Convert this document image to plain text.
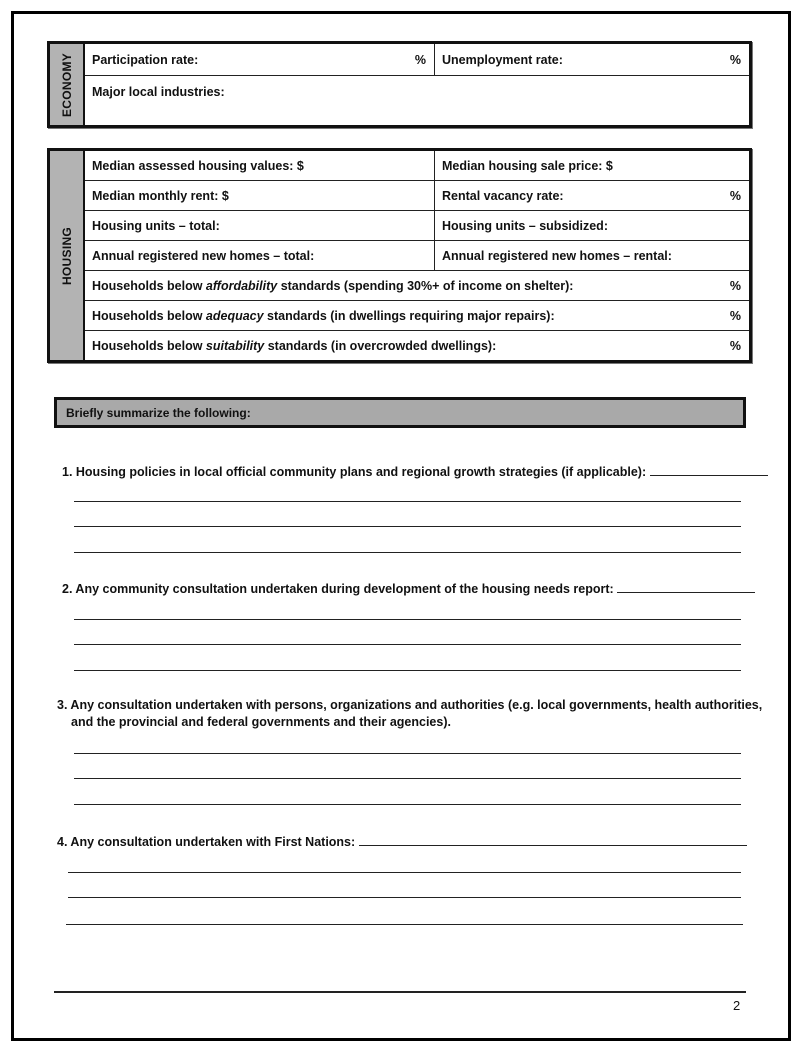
ECONOMY Participation rate:	% Unemployment rate:	%
Major local industries:
HOUSING
Median assessed housing values: $	Median housing sale price: $
Median monthly rent: $	Rental vacancy rate:	%
Housing units – total:	Housing units – subsidized:
Annual registered new homes – total:	Annual registered new homes – rental:
Households below affordability standards (spending 30%+ of income on shelter):	%
Households below adequacy standards (in dwellings requiring major repairs):	%
Households below suitability standards (in overcrowded dwellings):	%
Briefly summarize the following:
1. Housing policies in local official community plans and regional growth strategies (if applicable):
2. Any community consultation undertaken during development of the housing needs report:
3. Any consultation undertaken with persons, organizations and authorities (e.g. local governments, health authorities,
and the provincial and federal governments and their agencies).
4. Any consultation undertaken with First Nations:
2
